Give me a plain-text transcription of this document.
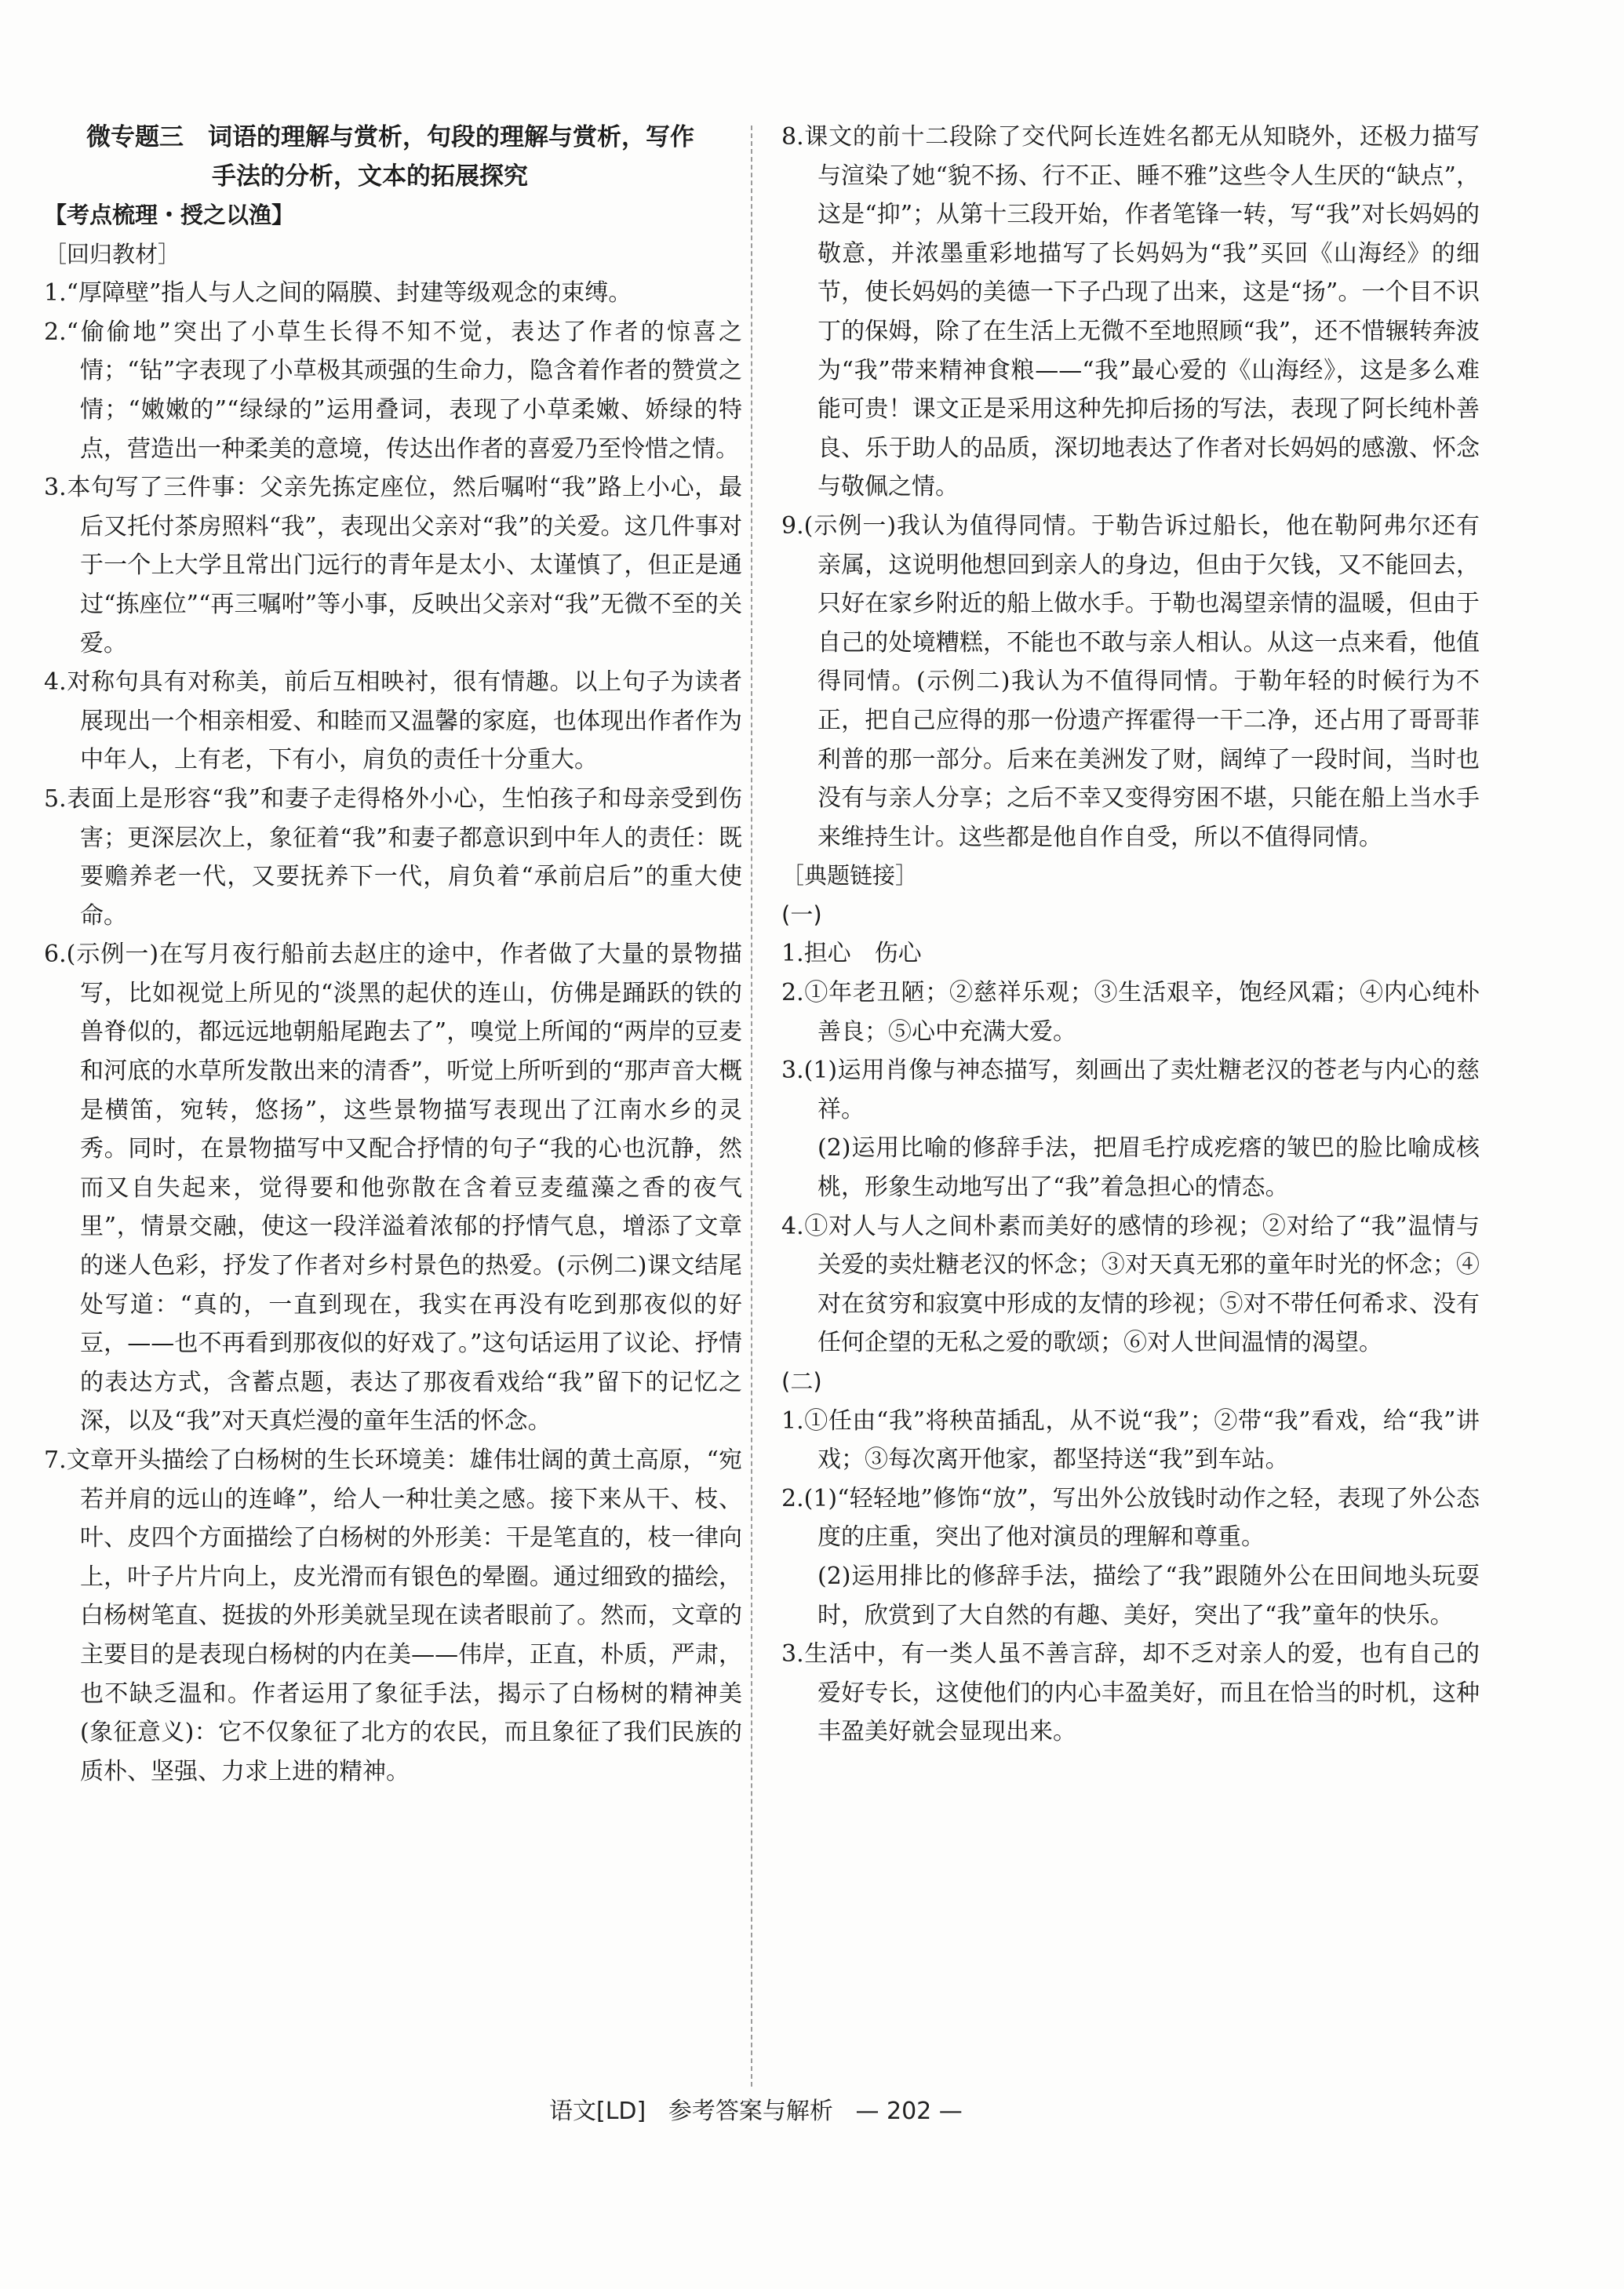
微专题三　词语的理解与赏析，句段的理解与赏析，写作
手法的分析，文本的拓展探究
【考点梳理・授之以渔】
［回归教材］
1.“厚障壁”指人与人之间的隔膜、封建等级观念的束缚。
2.“偷偷地”突出了小草生长得不知不觉，表达了作者的惊喜之情；“钻”字表现了小草极其顽强的生命力，隐含着作者的赞赏之情；“嫩嫩的”“绿绿的”运用叠词，表现了小草柔嫩、娇绿的特点，营造出一种柔美的意境，传达出作者的喜爱乃至怜惜之情。
3.本句写了三件事：父亲先拣定座位，然后嘱咐“我”路上小心，最后又托付茶房照料“我”，表现出父亲对“我”的关爱。这几件事对于一个上大学且常出门远行的青年是太小、太谨慎了，但正是通过“拣座位”“再三嘱咐”等小事，反映出父亲对“我”无微不至的关爱。
4.对称句具有对称美，前后互相映衬，很有情趣。以上句子为读者展现出一个相亲相爱、和睦而又温馨的家庭，也体现出作者作为中年人，上有老，下有小，肩负的责任十分重大。
5.表面上是形容“我”和妻子走得格外小心，生怕孩子和母亲受到伤害；更深层次上，象征着“我”和妻子都意识到中年人的责任：既要赡养老一代，又要抚养下一代，肩负着“承前启后”的重大使命。
6.(示例一)在写月夜行船前去赵庄的途中，作者做了大量的景物描写，比如视觉上所见的“淡黑的起伏的连山，仿佛是踊跃的铁的兽脊似的，都远远地朝船尾跑去了”，嗅觉上所闻的“两岸的豆麦和河底的水草所发散出来的清香”，听觉上所听到的“那声音大概是横笛，宛转，悠扬”，这些景物描写表现出了江南水乡的灵秀。同时，在景物描写中又配合抒情的句子“我的心也沉静，然而又自失起来，觉得要和他弥散在含着豆麦蕴藻之香的夜气里”，情景交融，使这一段洋溢着浓郁的抒情气息，增添了文章的迷人色彩，抒发了作者对乡村景色的热爱。(示例二)课文结尾处写道：“真的，一直到现在，我实在再没有吃到那夜似的好豆，——也不再看到那夜似的好戏了。”这句话运用了议论、抒情的表达方式，含蓄点题，表达了那夜看戏给“我”留下的记忆之深，以及“我”对天真烂漫的童年生活的怀念。
7.文章开头描绘了白杨树的生长环境美：雄伟壮阔的黄土高原，“宛若并肩的远山的连峰”，给人一种壮美之感。接下来从干、枝、叶、皮四个方面描绘了白杨树的外形美：干是笔直的，枝一律向上，叶子片片向上，皮光滑而有银色的晕圈。通过细致的描绘，白杨树笔直、挺拔的外形美就呈现在读者眼前了。然而，文章的主要目的是表现白杨树的内在美——伟岸，正直，朴质，严肃，也不缺乏温和。作者运用了象征手法，揭示了白杨树的精神美(象征意义)：它不仅象征了北方的农民，而且象征了我们民族的质朴、坚强、力求上进的精神。
8.课文的前十二段除了交代阿长连姓名都无从知晓外，还极力描写与渲染了她“貌不扬、行不正、睡不雅”这些令人生厌的“缺点”，这是“抑”；从第十三段开始，作者笔锋一转，写“我”对长妈妈的敬意，并浓墨重彩地描写了长妈妈为“我”买回《山海经》的细节，使长妈妈的美德一下子凸现了出来，这是“扬”。一个目不识丁的保姆，除了在生活上无微不至地照顾“我”，还不惜辗转奔波为“我”带来精神食粮——“我”最心爱的《山海经》，这是多么难能可贵！课文正是采用这种先抑后扬的写法，表现了阿长纯朴善良、乐于助人的品质，深切地表达了作者对长妈妈的感激、怀念与敬佩之情。
9.(示例一)我认为值得同情。于勒告诉过船长，他在勒阿弗尔还有亲属，这说明他想回到亲人的身边，但由于欠钱，又不能回去，只好在家乡附近的船上做水手。于勒也渴望亲情的温暖，但由于自己的处境糟糕，不能也不敢与亲人相认。从这一点来看，他值得同情。(示例二)我认为不值得同情。于勒年轻的时候行为不正，把自己应得的那一份遗产挥霍得一干二净，还占用了哥哥菲利普的那一部分。后来在美洲发了财，阔绰了一段时间，当时也没有与亲人分享；之后不幸又变得穷困不堪，只能在船上当水手来维持生计。这些都是他自作自受，所以不值得同情。
［典题链接］
(一)
1.担心　伤心
2.①年老丑陋；②慈祥乐观；③生活艰辛，饱经风霜；④内心纯朴善良；⑤心中充满大爱。
3.(1)运用肖像与神态描写，刻画出了卖灶糖老汉的苍老与内心的慈祥。
(2)运用比喻的修辞手法，把眉毛拧成疙瘩的皱巴的脸比喻成核桃，形象生动地写出了“我”着急担心的情态。
4.①对人与人之间朴素而美好的感情的珍视；②对给了“我”温情与关爱的卖灶糖老汉的怀念；③对天真无邪的童年时光的怀念；④对在贫穷和寂寞中形成的友情的珍视；⑤对不带任何希求、没有任何企望的无私之爱的歌颂；⑥对人世间温情的渴望。
(二)
1.①任由“我”将秧苗插乱，从不说“我”；②带“我”看戏，给“我”讲戏；③每次离开他家，都坚持送“我”到车站。
2.(1)“轻轻地”修饰“放”，写出外公放钱时动作之轻，表现了外公态度的庄重，突出了他对演员的理解和尊重。
(2)运用排比的修辞手法，描绘了“我”跟随外公在田间地头玩耍时，欣赏到了大自然的有趣、美好，突出了“我”童年的快乐。
3.生活中，有一类人虽不善言辞，却不乏对亲人的爱，也有自己的爱好专长，这使他们的内心丰盈美好，而且在恰当的时机，这种丰盈美好就会显现出来。
语文[LD] 参考答案与解析 — 202 —
